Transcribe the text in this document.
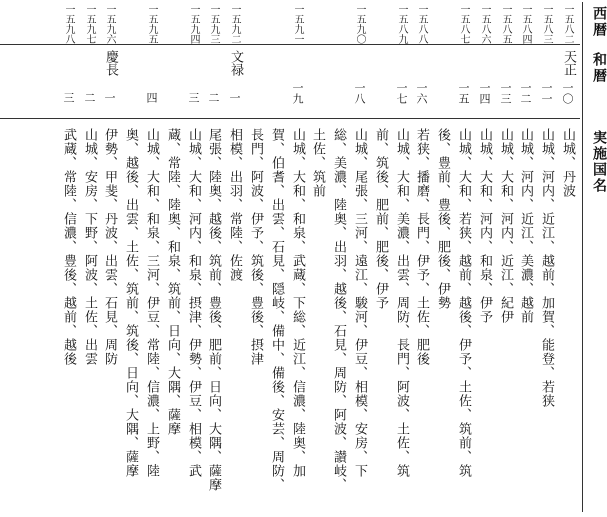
西暦
和暦
実施国名
一五八二
天正
一〇
山城、丹波
一五八三
一一
山城、河内、近江、越前、加賀、能登、若狭
一五八四
一二
山城、河内、近江、美濃、越前
一五八五
一三
山城、大和、河内、近江、紀伊
一五八六
一四
山城、大和、河内、和泉、伊予
一五八七
一五
山城、大和、若狭、越前、越後、伊予、土佐、筑前、筑
後、豊前、豊後、肥後、伊勢
一五八八
一六
若狭、播磨、長門、伊予、土佐、肥後
一五八九
一七
山城、大和、美濃、出雲、周防、長門、阿波、土佐、筑
前、筑後、肥前、肥後、伊予
一五九〇
一八
山城、尾張、三河、遠江、駿河、伊豆、相模、安房、下
総、美濃、陸奥、出羽、越後、石見、周防、阿波、讃岐、
土佐、筑前
一五九一
一九
山城、大和、和泉、武蔵、下総、近江、信濃、陸奥、加
賀、伯耆、出雲、石見、隠岐、備中、備後、安芸、周防、
長門、阿波、伊予、筑後、豊後、摂津
一五九二
文禄
一
相模、出羽、常陸、佐渡
一五九三
二
尾張、陸奥、越後、筑前、豊後、肥前、日向、大隅、薩摩
一五九四
三
山城、大和、河内、和泉、摂津、伊勢、伊豆、相模、武
蔵、常陸、陸奥、和泉、筑前、日向、大隅、薩摩
一五九五
四
山城、大和、和泉、三河、伊豆、常陸、信濃、上野、陸
奥、越後、出雲、土佐、筑前、筑後、日向、大隅、薩摩
一五九六
慶長
一
伊勢、甲斐、丹波、出雲、石見、周防
一五九七
二
山城、安房、下野、阿波、土佐、出雲
一五九八
三
武蔵、常陸、信濃、豊後、越前、越後
